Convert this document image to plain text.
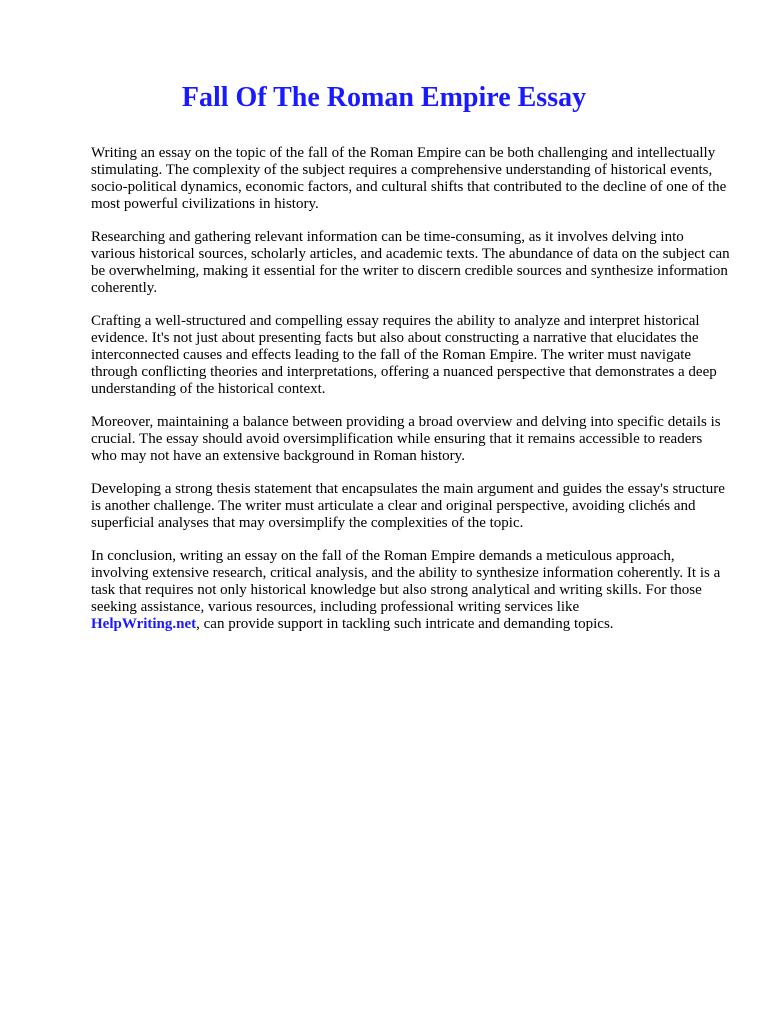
Fall Of The Roman Empire Essay

Writing an essay on the topic of the fall of the Roman Empire can be both challenging and intellectually stimulating. The complexity of the subject requires a comprehensive understanding of historical events, socio-political dynamics, economic factors, and cultural shifts that contributed to the decline of one of the most powerful civilizations in history.

Researching and gathering relevant information can be time-consuming, as it involves delving into various historical sources, scholarly articles, and academic texts. The abundance of data on the subject can be overwhelming, making it essential for the writer to discern credible sources and synthesize information coherently.

Crafting a well-structured and compelling essay requires the ability to analyze and interpret historical evidence. It's not just about presenting facts but also about constructing a narrative that elucidates the interconnected causes and effects leading to the fall of the Roman Empire. The writer must navigate through conflicting theories and interpretations, offering a nuanced perspective that demonstrates a deep understanding of the historical context.

Moreover, maintaining a balance between providing a broad overview and delving into specific details is crucial. The essay should avoid oversimplification while ensuring that it remains accessible to readers who may not have an extensive background in Roman history.

Developing a strong thesis statement that encapsulates the main argument and guides the essay's structure is another challenge. The writer must articulate a clear and original perspective, avoiding clichés and superficial analyses that may oversimplify the complexities of the topic.

In conclusion, writing an essay on the fall of the Roman Empire demands a meticulous approach, involving extensive research, critical analysis, and the ability to synthesize information coherently. It is a task that requires not only historical knowledge but also strong analytical and writing skills. For those seeking assistance, various resources, including professional writing services like
HelpWriting.net, can provide support in tackling such intricate and demanding topics.
